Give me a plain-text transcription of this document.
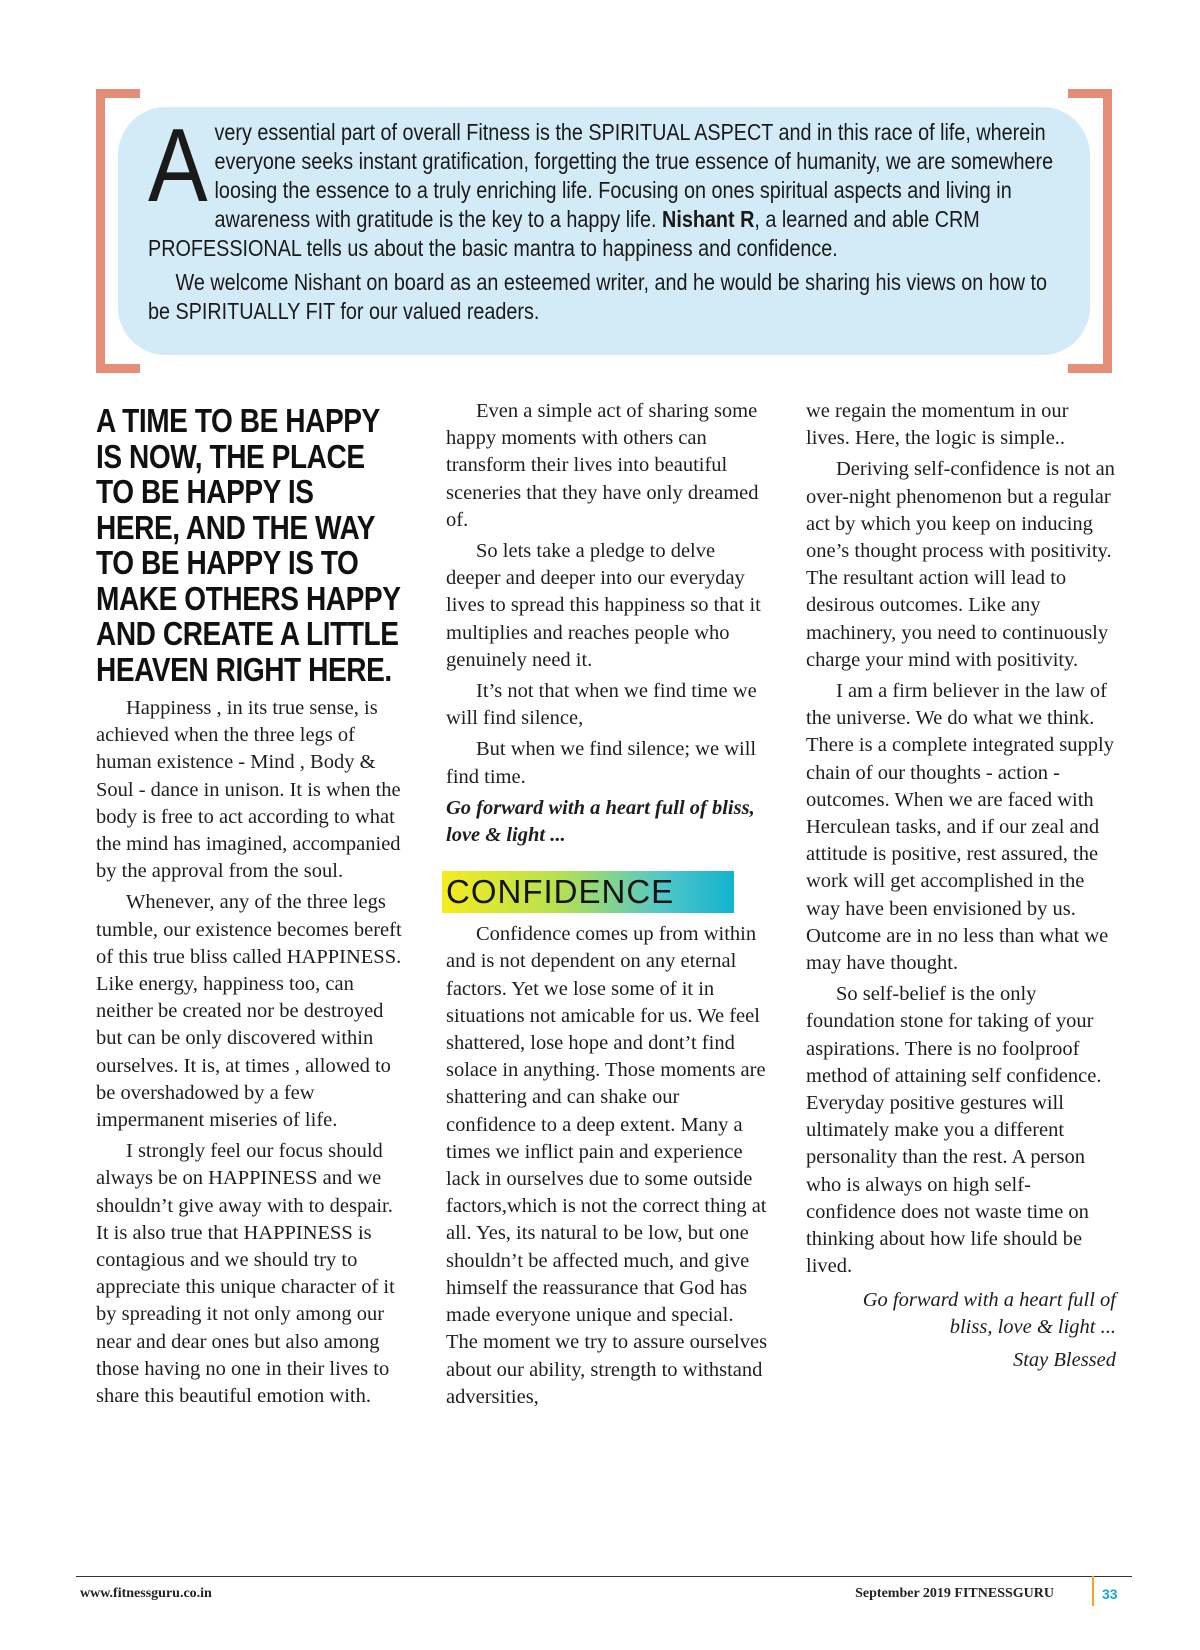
Avery essential part of overall Fitness is the SPIRITUAL ASPECT and in this race of life, wherein everyone seeks instant gratification, forgetting the true essence of humanity, we are somewhere loosing the essence to a truly enriching life. Focusing on ones spiritual aspects and living in awareness with gratitude is the key to a happy life. Nishant R, a learned and able CRM PROFESSIONAL tells us about the basic mantra to happiness and confidence.

We welcome Nishant on board as an esteemed writer, and he would be sharing his views on how to be SPIRITUALLY FIT for our valued readers.

A TIME TO BE HAPPY IS NOW, THE PLACE TO BE HAPPY IS HERE, AND THE WAY TO BE HAPPY IS TO MAKE OTHERS HAPPY AND CREATE A LITTLE HEAVEN RIGHT HERE.

Happiness , in its true sense, is achieved when the three legs of human existence - Mind , Body & Soul - dance in unison. It is when the body is free to act according to what the mind has imagined, accompanied by the approval from the soul.

Whenever, any of the three legs tumble, our existence becomes bereft of this true bliss called HAPPINESS. Like energy, happiness too, can neither be created nor be destroyed but can be only discovered within ourselves. It is, at times , allowed to be overshadowed by a few impermanent miseries of life.

I strongly feel our focus should always be on HAPPINESS and we shouldn’t give away with to despair. It is also true that HAPPINESS is contagious and we should try to appreciate this unique character of it by spreading it not only among our near and dear ones but also among those having no one in their lives to share this beautiful emotion with.

Even a simple act of sharing some happy moments with others can transform their lives into beautiful sceneries that they have only dreamed of.

So lets take a pledge to delve deeper and deeper into our everyday lives to spread this happiness so that it multiplies and reaches people who genuinely need it.

It’s not that when we find time we will find silence,

But when we find silence; we will find time.

Go forward with a heart full of bliss, love & light ...

CONFIDENCE

Confidence comes up from within and is not dependent on any eternal factors. Yet we lose some of it in situations not amicable for us. We feel shattered, lose hope and dont’t find solace in anything. Those moments are shattering and can shake our confidence to a deep extent. Many a times we inflict pain and experience lack in ourselves due to some outside factors,which is not the correct thing at all. Yes, its natural to be low, but one shouldn’t be affected much, and give himself the reassurance that God has made everyone unique and special. The moment we try to assure ourselves about our ability, strength to withstand adversities,

we regain the momentum in our lives. Here, the logic is simple..

Deriving self-confidence is not an over-night phenomenon but a regular act by which you keep on inducing one’s thought process with positivity. The resultant action will lead to desirous outcomes. Like any machinery, you need to continuously charge your mind with positivity.

I am a firm believer in the law of the universe. We do what we think. There is a complete integrated supply chain of our thoughts - action - outcomes. When we are faced with Herculean tasks, and if our zeal and attitude is positive, rest assured, the work will get accomplished in the way have been envisioned by us. Outcome are in no less than what we may have thought.

So self-belief is the only foundation stone for taking of your aspirations. There is no foolproof method of attaining self confidence. Everyday positive gestures will ultimately make you a different personality than the rest. A person who is always on high self-confidence does not waste time on thinking about how life should be lived.

Go forward with a heart full of
bliss, love & light ...

Stay Blessed

www.fitnessguru.co.in	September 2019 FITNESSGURU	33
